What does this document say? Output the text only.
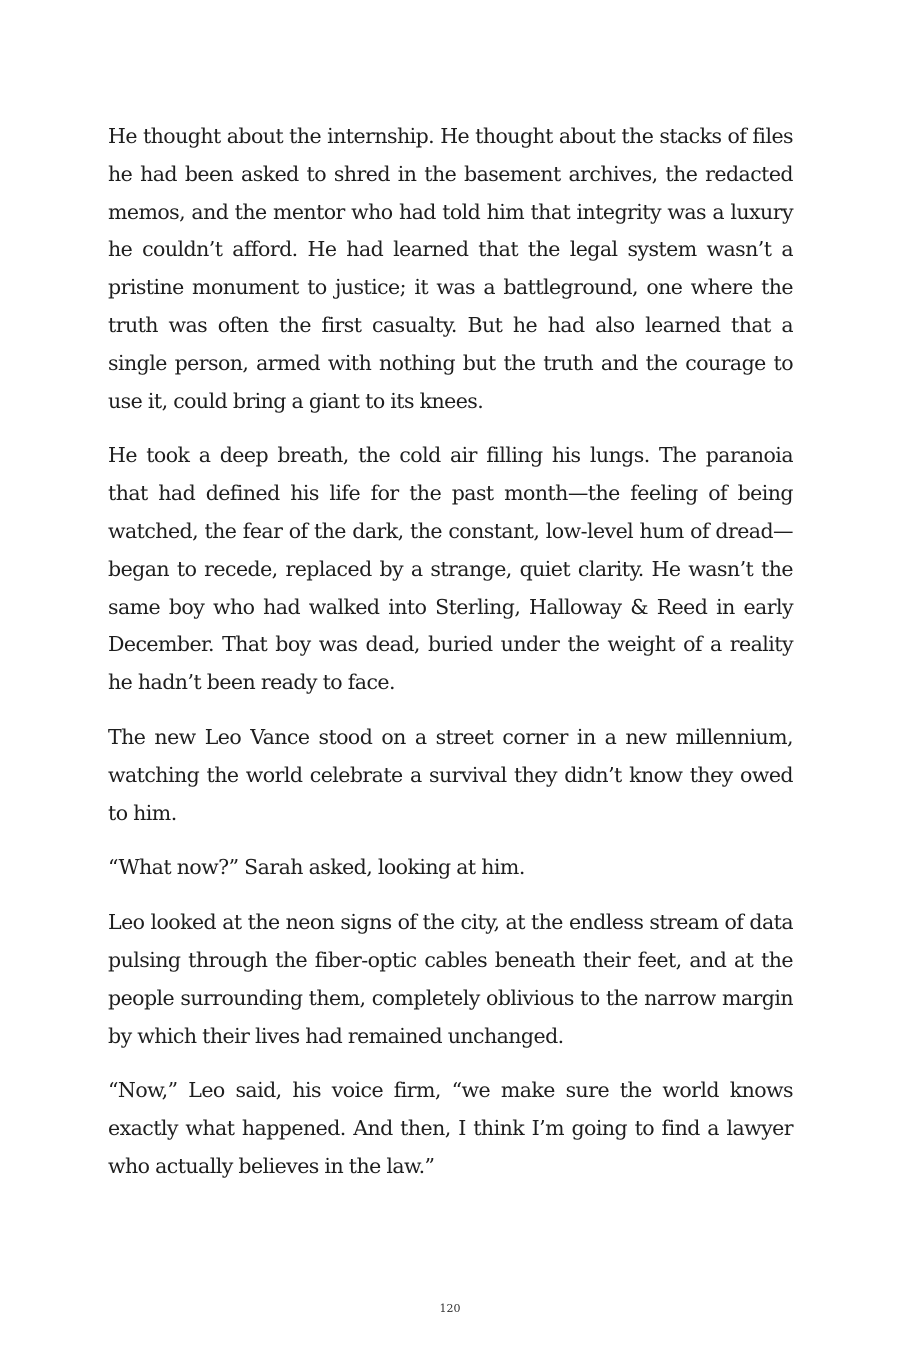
He thought about the internship. He thought about the stacks of files he had been asked to shred in the basement archives, the redacted memos, and the mentor who had told him that integrity was a luxury he couldn’t afford. He had learned that the legal system wasn’t a pristine monument to justice; it was a battleground, one where the truth was often the first casualty. But he had also learned that a single person, armed with nothing but the truth and the courage to use it, could bring a giant to its knees.

He took a deep breath, the cold air filling his lungs. The paranoia that had defined his life for the past month—the feeling of being watched, the fear of the dark, the constant, low-level hum of dread—began to recede, replaced by a strange, quiet clarity. He wasn’t the same boy who had walked into Sterling, Halloway & Reed in early December. That boy was dead, buried under the weight of a reality he hadn’t been ready to face.

The new Leo Vance stood on a street corner in a new millennium, watching the world celebrate a survival they didn’t know they owed to him.

“What now?” Sarah asked, looking at him.

Leo looked at the neon signs of the city, at the endless stream of data pulsing through the fiber-optic cables beneath their feet, and at the people surrounding them, completely oblivious to the narrow margin by which their lives had remained unchanged.

“Now,” Leo said, his voice firm, “we make sure the world knows exactly what happened. And then, I think I’m going to find a lawyer who actually believes in the law.”

120
